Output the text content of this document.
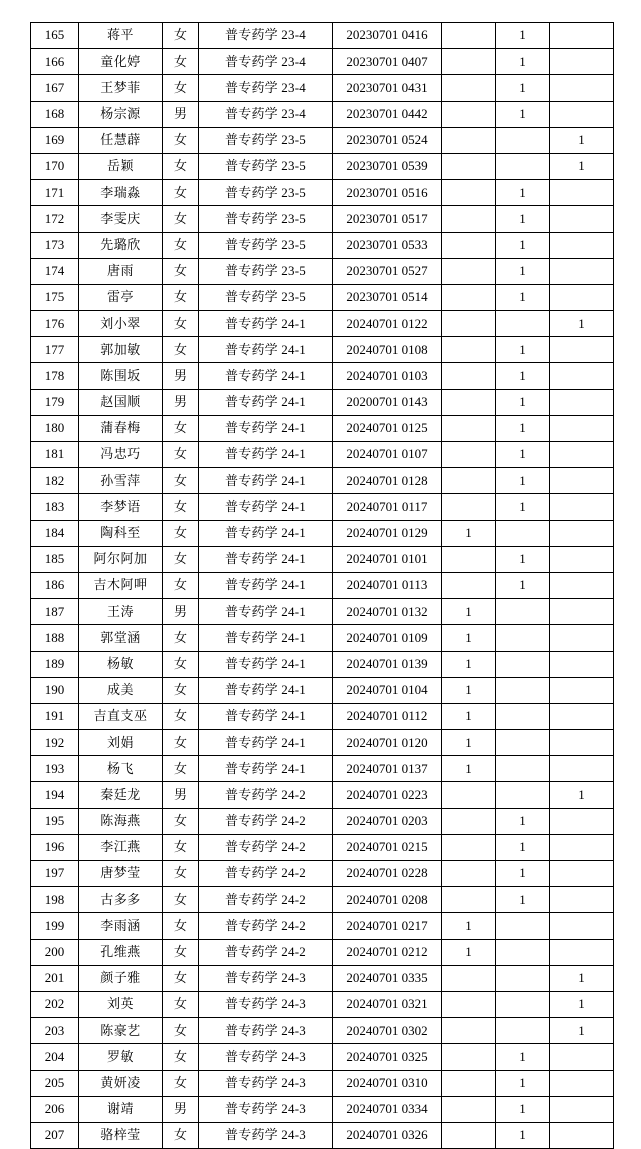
165	蒋平	女	普专药学 23-4	20230701 0416		1		
166	童化婷	女	普专药学 23-4	20230701 0407		1		
167	王梦菲	女	普专药学 23-4	20230701 0431		1		
168	杨宗源	男	普专药学 23-4	20230701 0442		1		
169	任慧薜	女	普专药学 23-5	20230701 0524			1	
170	岳颖	女	普专药学 23-5	20230701 0539			1	
171	李瑞淼	女	普专药学 23-5	20230701 0516		1		
172	李雯庆	女	普专药学 23-5	20230701 0517		1		
173	先璐欣	女	普专药学 23-5	20230701 0533		1		
174	唐雨	女	普专药学 23-5	20230701 0527		1		
175	雷亭	女	普专药学 23-5	20230701 0514		1		
176	刘小翠	女	普专药学 24-1	20240701 0122			1	
177	郭加敏	女	普专药学 24-1	20240701 0108		1		
178	陈围坂	男	普专药学 24-1	20240701 0103		1		
179	赵国顺	男	普专药学 24-1	20200701 0143		1		
180	蒲春梅	女	普专药学 24-1	20240701 0125		1		
181	冯忠巧	女	普专药学 24-1	20240701 0107		1		
182	孙雪萍	女	普专药学 24-1	20240701 0128		1		
183	李梦语	女	普专药学 24-1	20240701 0117		1		
184	陶科至	女	普专药学 24-1	20240701 0129	1			
185	阿尔阿加	女	普专药学 24-1	20240701 0101		1		
186	吉木阿呷	女	普专药学 24-1	20240701 0113		1		
187	王涛	男	普专药学 24-1	20240701 0132	1			
188	郭堂涵	女	普专药学 24-1	20240701 0109	1			
189	杨敏	女	普专药学 24-1	20240701 0139	1			
190	成美	女	普专药学 24-1	20240701 0104	1			
191	吉直支巫	女	普专药学 24-1	20240701 0112	1			
192	刘娟	女	普专药学 24-1	20240701 0120	1			
193	杨飞	女	普专药学 24-1	20240701 0137	1			
194	秦廷龙	男	普专药学 24-2	20240701 0223			1	
195	陈海燕	女	普专药学 24-2	20240701 0203		1		
196	李江燕	女	普专药学 24-2	20240701 0215		1		
197	唐梦莹	女	普专药学 24-2	20240701 0228		1		
198	古多多	女	普专药学 24-2	20240701 0208		1		
199	李雨涵	女	普专药学 24-2	20240701 0217	1			
200	孔维燕	女	普专药学 24-2	20240701 0212	1			
201	颜子雅	女	普专药学 24-3	20240701 0335			1	
202	刘英	女	普专药学 24-3	20240701 0321			1	
203	陈豪艺	女	普专药学 24-3	20240701 0302			1	
204	罗敏	女	普专药学 24-3	20240701 0325		1		
205	黄妍凌	女	普专药学 24-3	20240701 0310		1		
206	谢靖	男	普专药学 24-3	20240701 0334		1		
207	骆梓莹	女	普专药学 24-3	20240701 0326		1		
